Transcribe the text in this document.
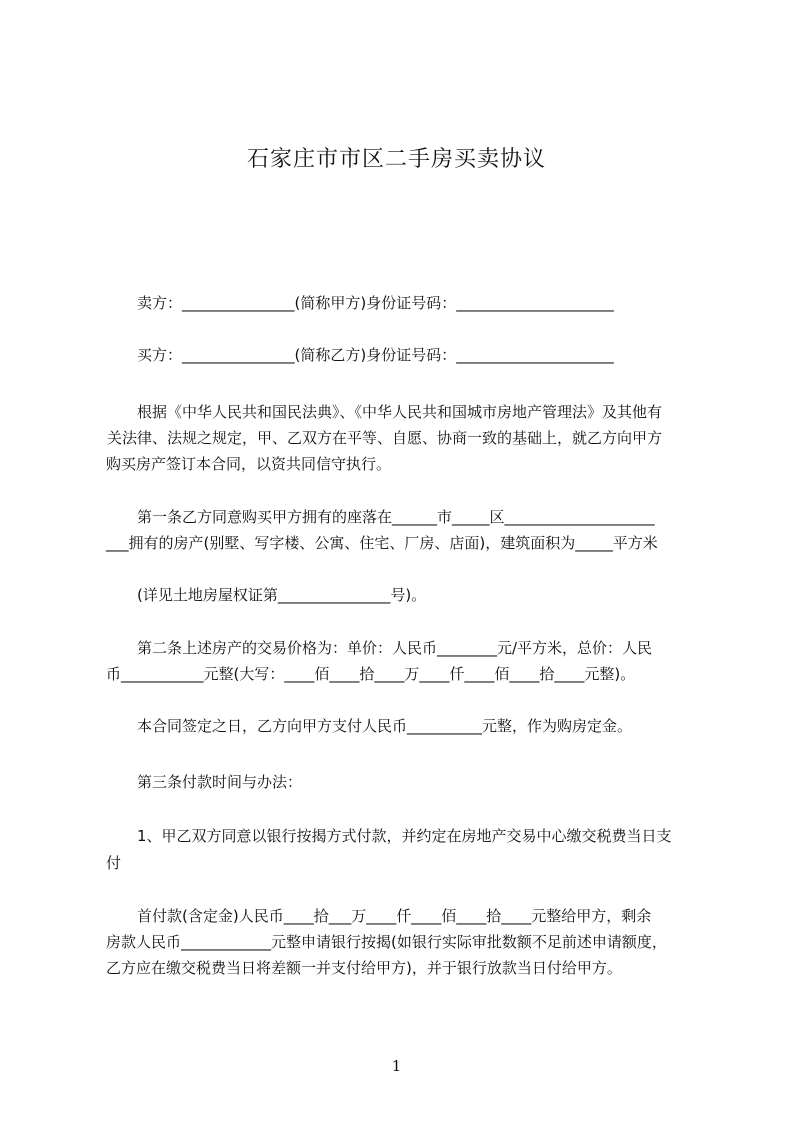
石家庄市市区二手房买卖协议
卖方：_______________(简称甲方)身份证号码：_____________________
买方：_______________(简称乙方)身份证号码：_____________________
根据《中华人民共和国民法典》、《中华人民共和国城市房地产管理法》及其他有
关法律、法规之规定，甲、乙双方在平等、自愿、协商一致的基础上，就乙方向甲方
购买房产签订本合同，以资共同信守执行。
第一条乙方同意购买甲方拥有的座落在______市_____区____________________
___拥有的房产(别墅、写字楼、公寓、住宅、厂房、店面)，建筑面积为_____平方米
(详见土地房屋权证第_______________号)。
第二条上述房产的交易价格为：单价：人民币________元/平方米，总价：人民
币___________元整(大写：____佰____拾____万____仟____佰____拾____元整)。
本合同签定之日，乙方向甲方支付人民币__________元整，作为购房定金。
第三条付款时间与办法：
1、甲乙双方同意以银行按揭方式付款，并约定在房地产交易中心缴交税费当日支
付
首付款(含定金)人民币____拾___万____仟____佰____拾____元整给甲方，剩余
房款人民币____________元整申请银行按揭(如银行实际审批数额不足前述申请额度，
乙方应在缴交税费当日将差额一并支付给甲方)，并于银行放款当日付给甲方。
1
